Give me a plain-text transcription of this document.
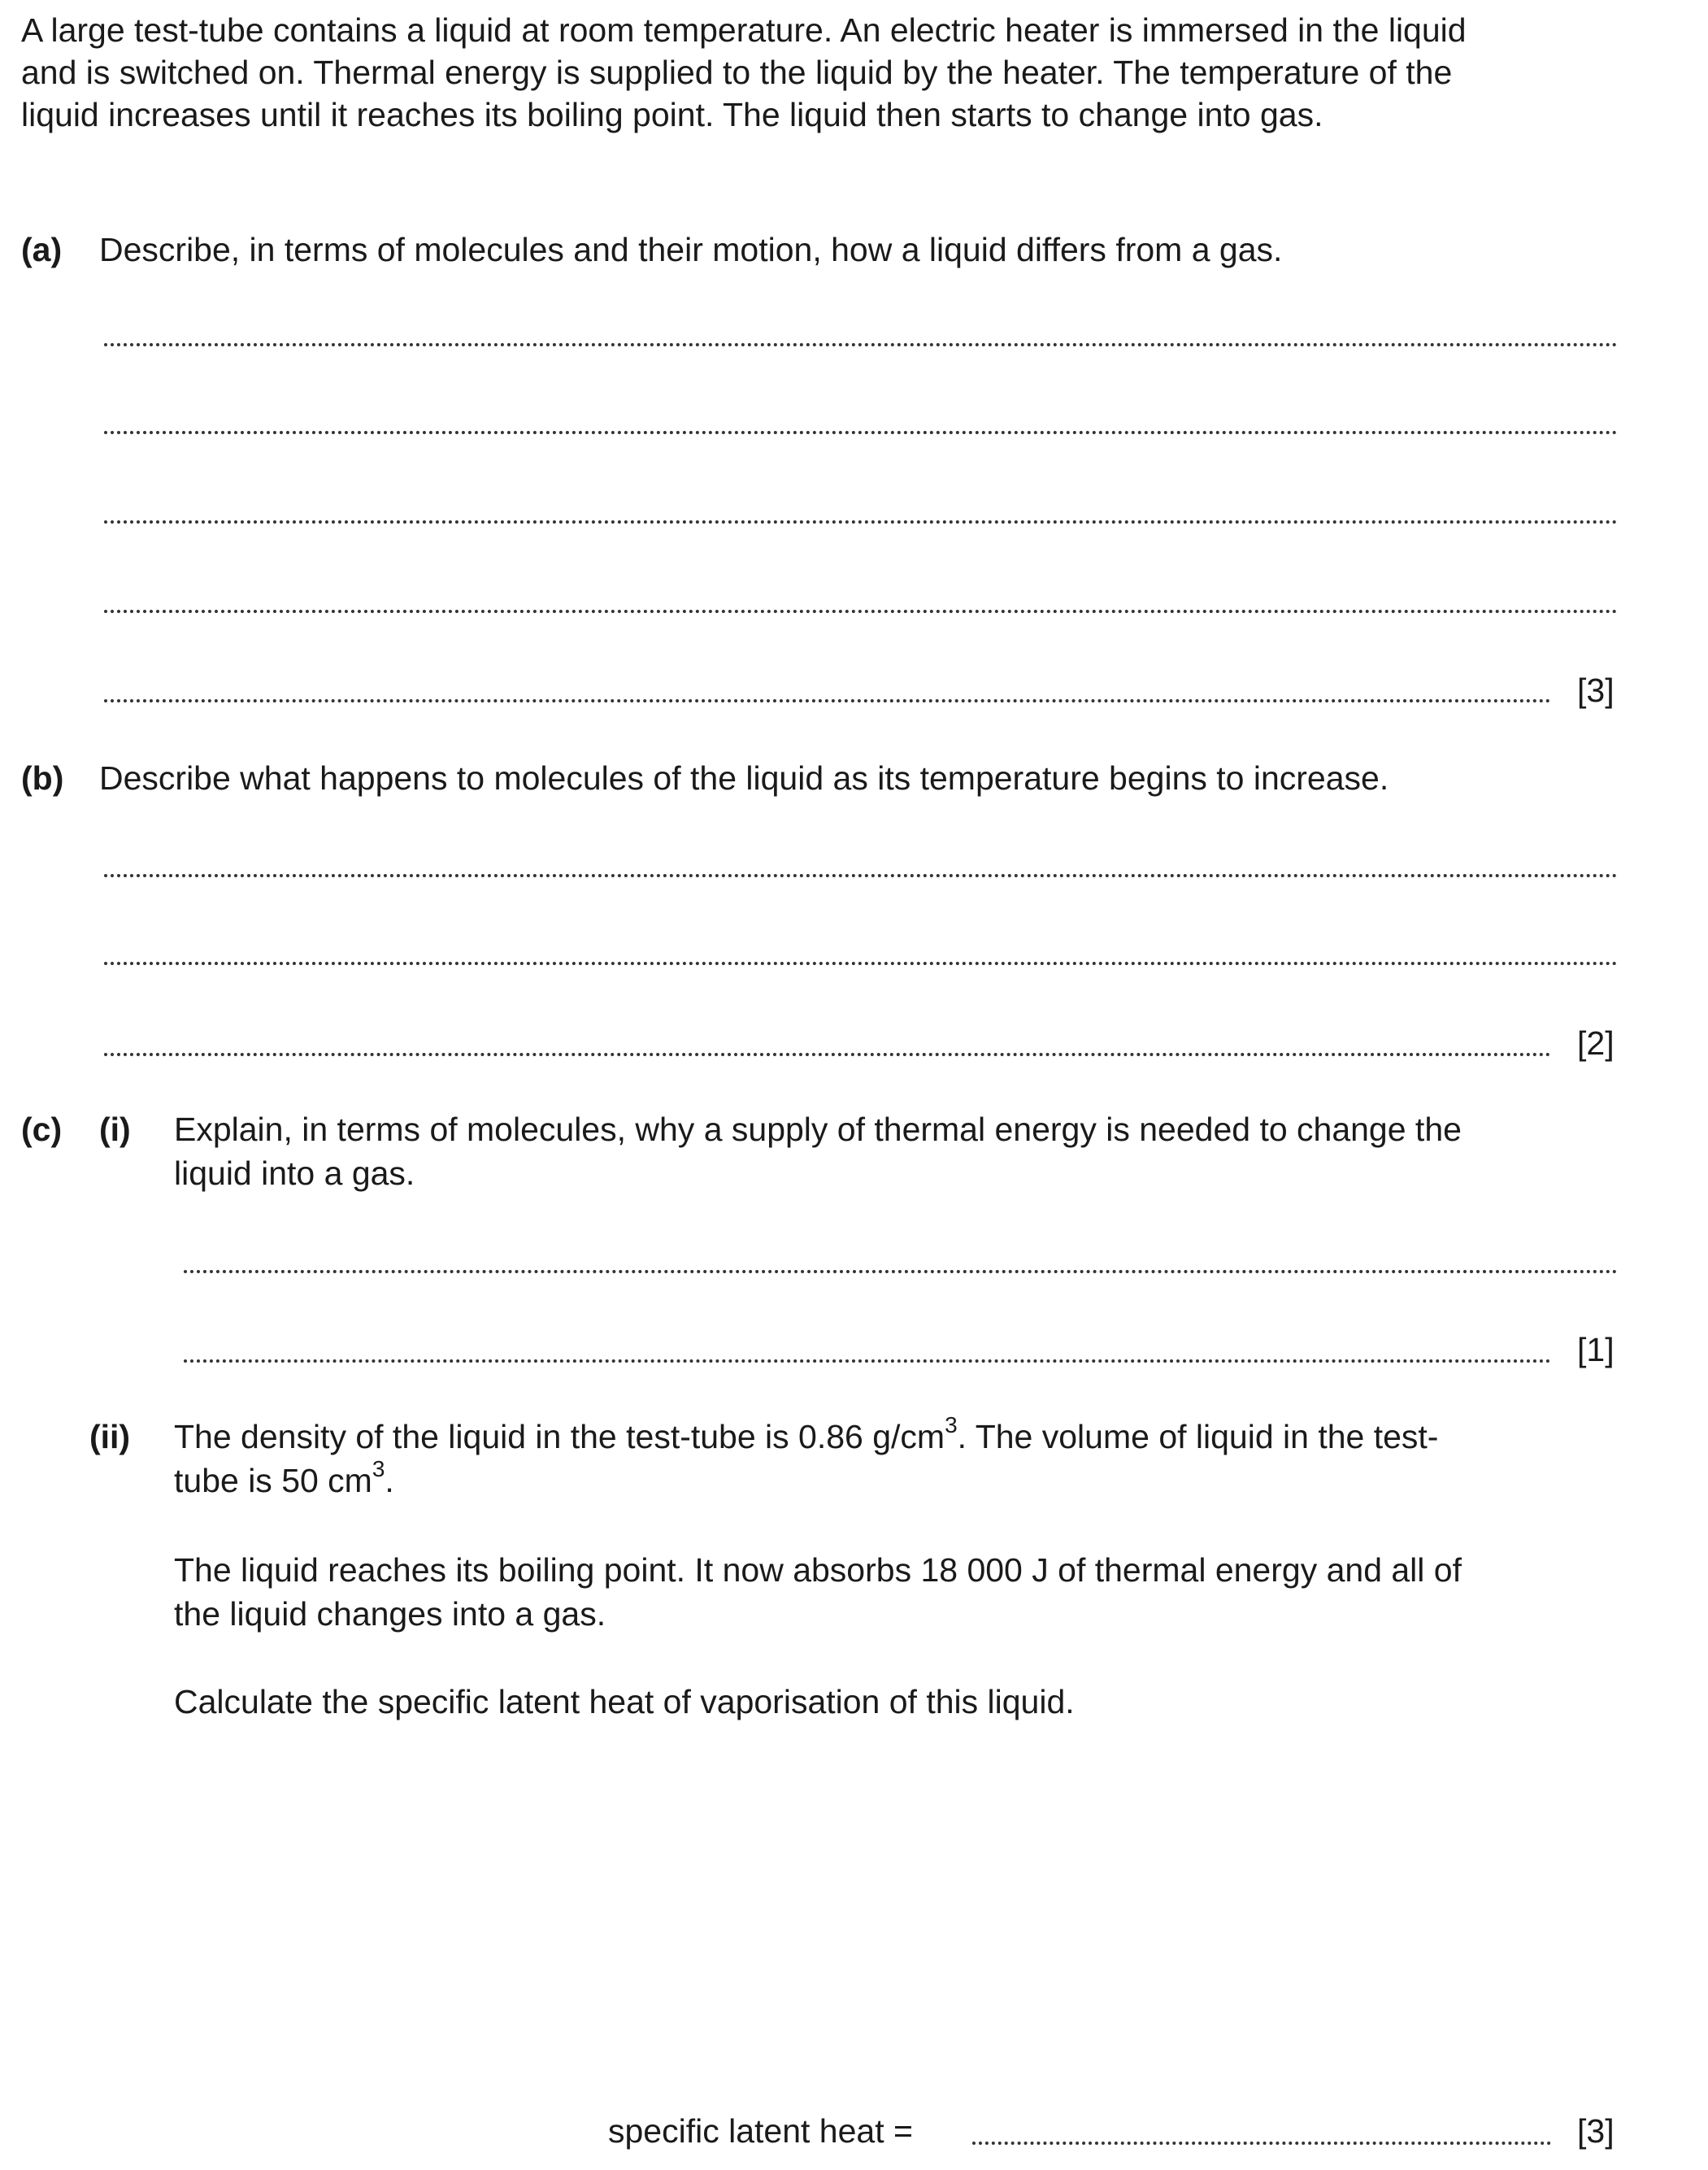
A large test-tube contains a liquid at room temperature. An electric heater is immersed in the liquid
and is switched on. Thermal energy is supplied to the liquid by the heater. The temperature of the
liquid increases until it reaches its boiling point. The liquid then starts to change into gas.
(a) Describe, in terms of molecules and their motion, how a liquid differs from a gas.
[3]
(b) Describe what happens to molecules of the liquid as its temperature begins to increase.
[2]
(c) (i) Explain, in terms of molecules, why a supply of thermal energy is needed to change the
liquid into a gas.
[1]
(ii) The density of the liquid in the test-tube is 0.86 $g/cm^3$. The volume of liquid in the test-
tube is 50 $cm^3$.
The liquid reaches its boiling point. It now absorbs 18 000 J of thermal energy and all of
the liquid changes into a gas.
Calculate the specific latent heat of vaporisation of this liquid.
specific latent heat =	[3]
